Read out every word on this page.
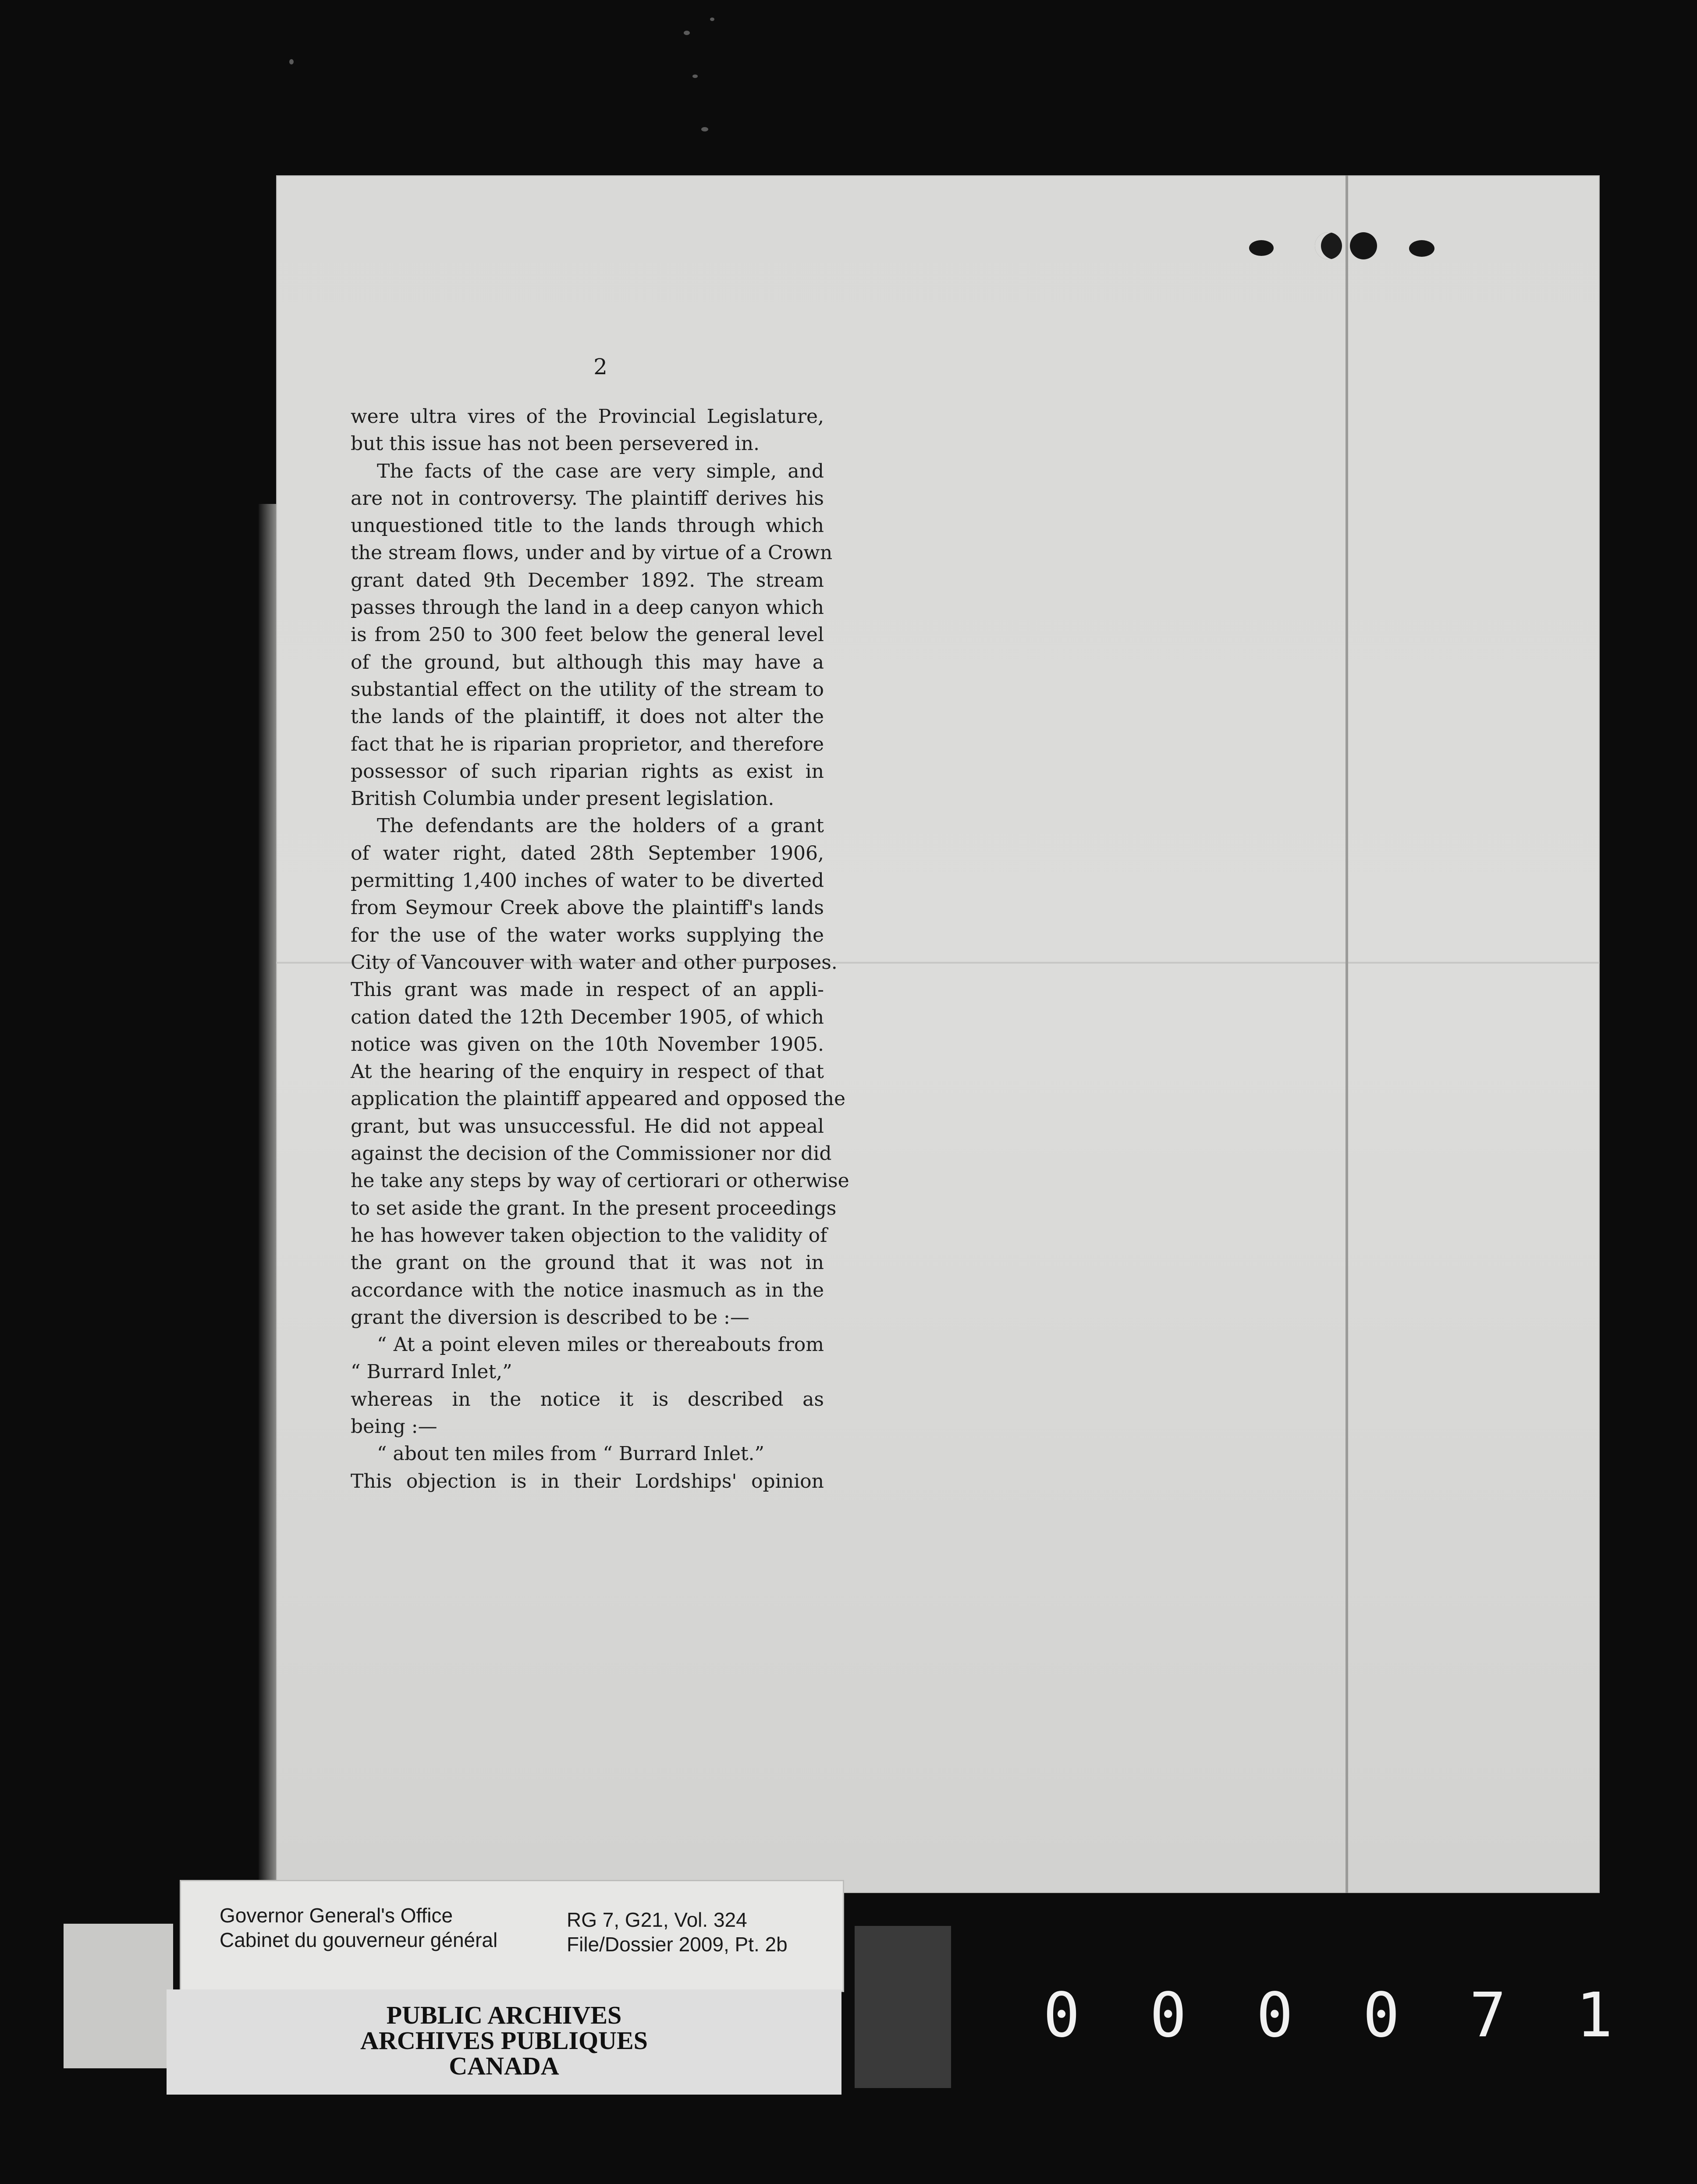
2

were ultra vires of the Provincial Legislature,

but this issue has not been persevered in.

The facts of the case are very simple, and

are not in controversy. The plaintiff derives his

unquestioned title to the lands through which

the stream flows, under and by virtue of a Crown

grant dated 9th December 1892. The stream

passes through the land in a deep canyon which

is from 250 to 300 feet below the general level

of the ground, but although this may have a

substantial effect on the utility of the stream to

the lands of the plaintiff, it does not alter the

fact that he is riparian proprietor, and therefore

possessor of such riparian rights as exist in

British Columbia under present legislation.

The defendants are the holders of a grant

of water right, dated 28th September 1906,

permitting 1,400 inches of water to be diverted

from Seymour Creek above the plaintiff's lands

for the use of the water works supplying the

City of Vancouver with water and other purposes.

This grant was made in respect of an appli-

cation dated the 12th December 1905, of which

notice was given on the 10th November 1905.

At the hearing of the enquiry in respect of that

application the plaintiff appeared and opposed the

grant, but was unsuccessful. He did not appeal

against the decision of the Commissioner nor did

he take any steps by way of certiorari or otherwise

to set aside the grant. In the present proceedings

he has however taken objection to the validity of

the grant on the ground that it was not in

accordance with the notice inasmuch as in the

grant the diversion is described to be :—

“ At a point eleven miles or thereabouts from

“ Burrard Inlet,”

whereas in the notice it is described as

being :—

“ about ten miles from “ Burrard Inlet.”

This objection is in their Lordships' opinion

Governor General's Office
Cabinet du gouverneur général
RG 7, G21, Vol. 324
File/Dossier 2009, Pt. 2b
PUBLIC ARCHIVES
ARCHIVES PUBLIQUES
CANADA
0 0 0 0 7 1
